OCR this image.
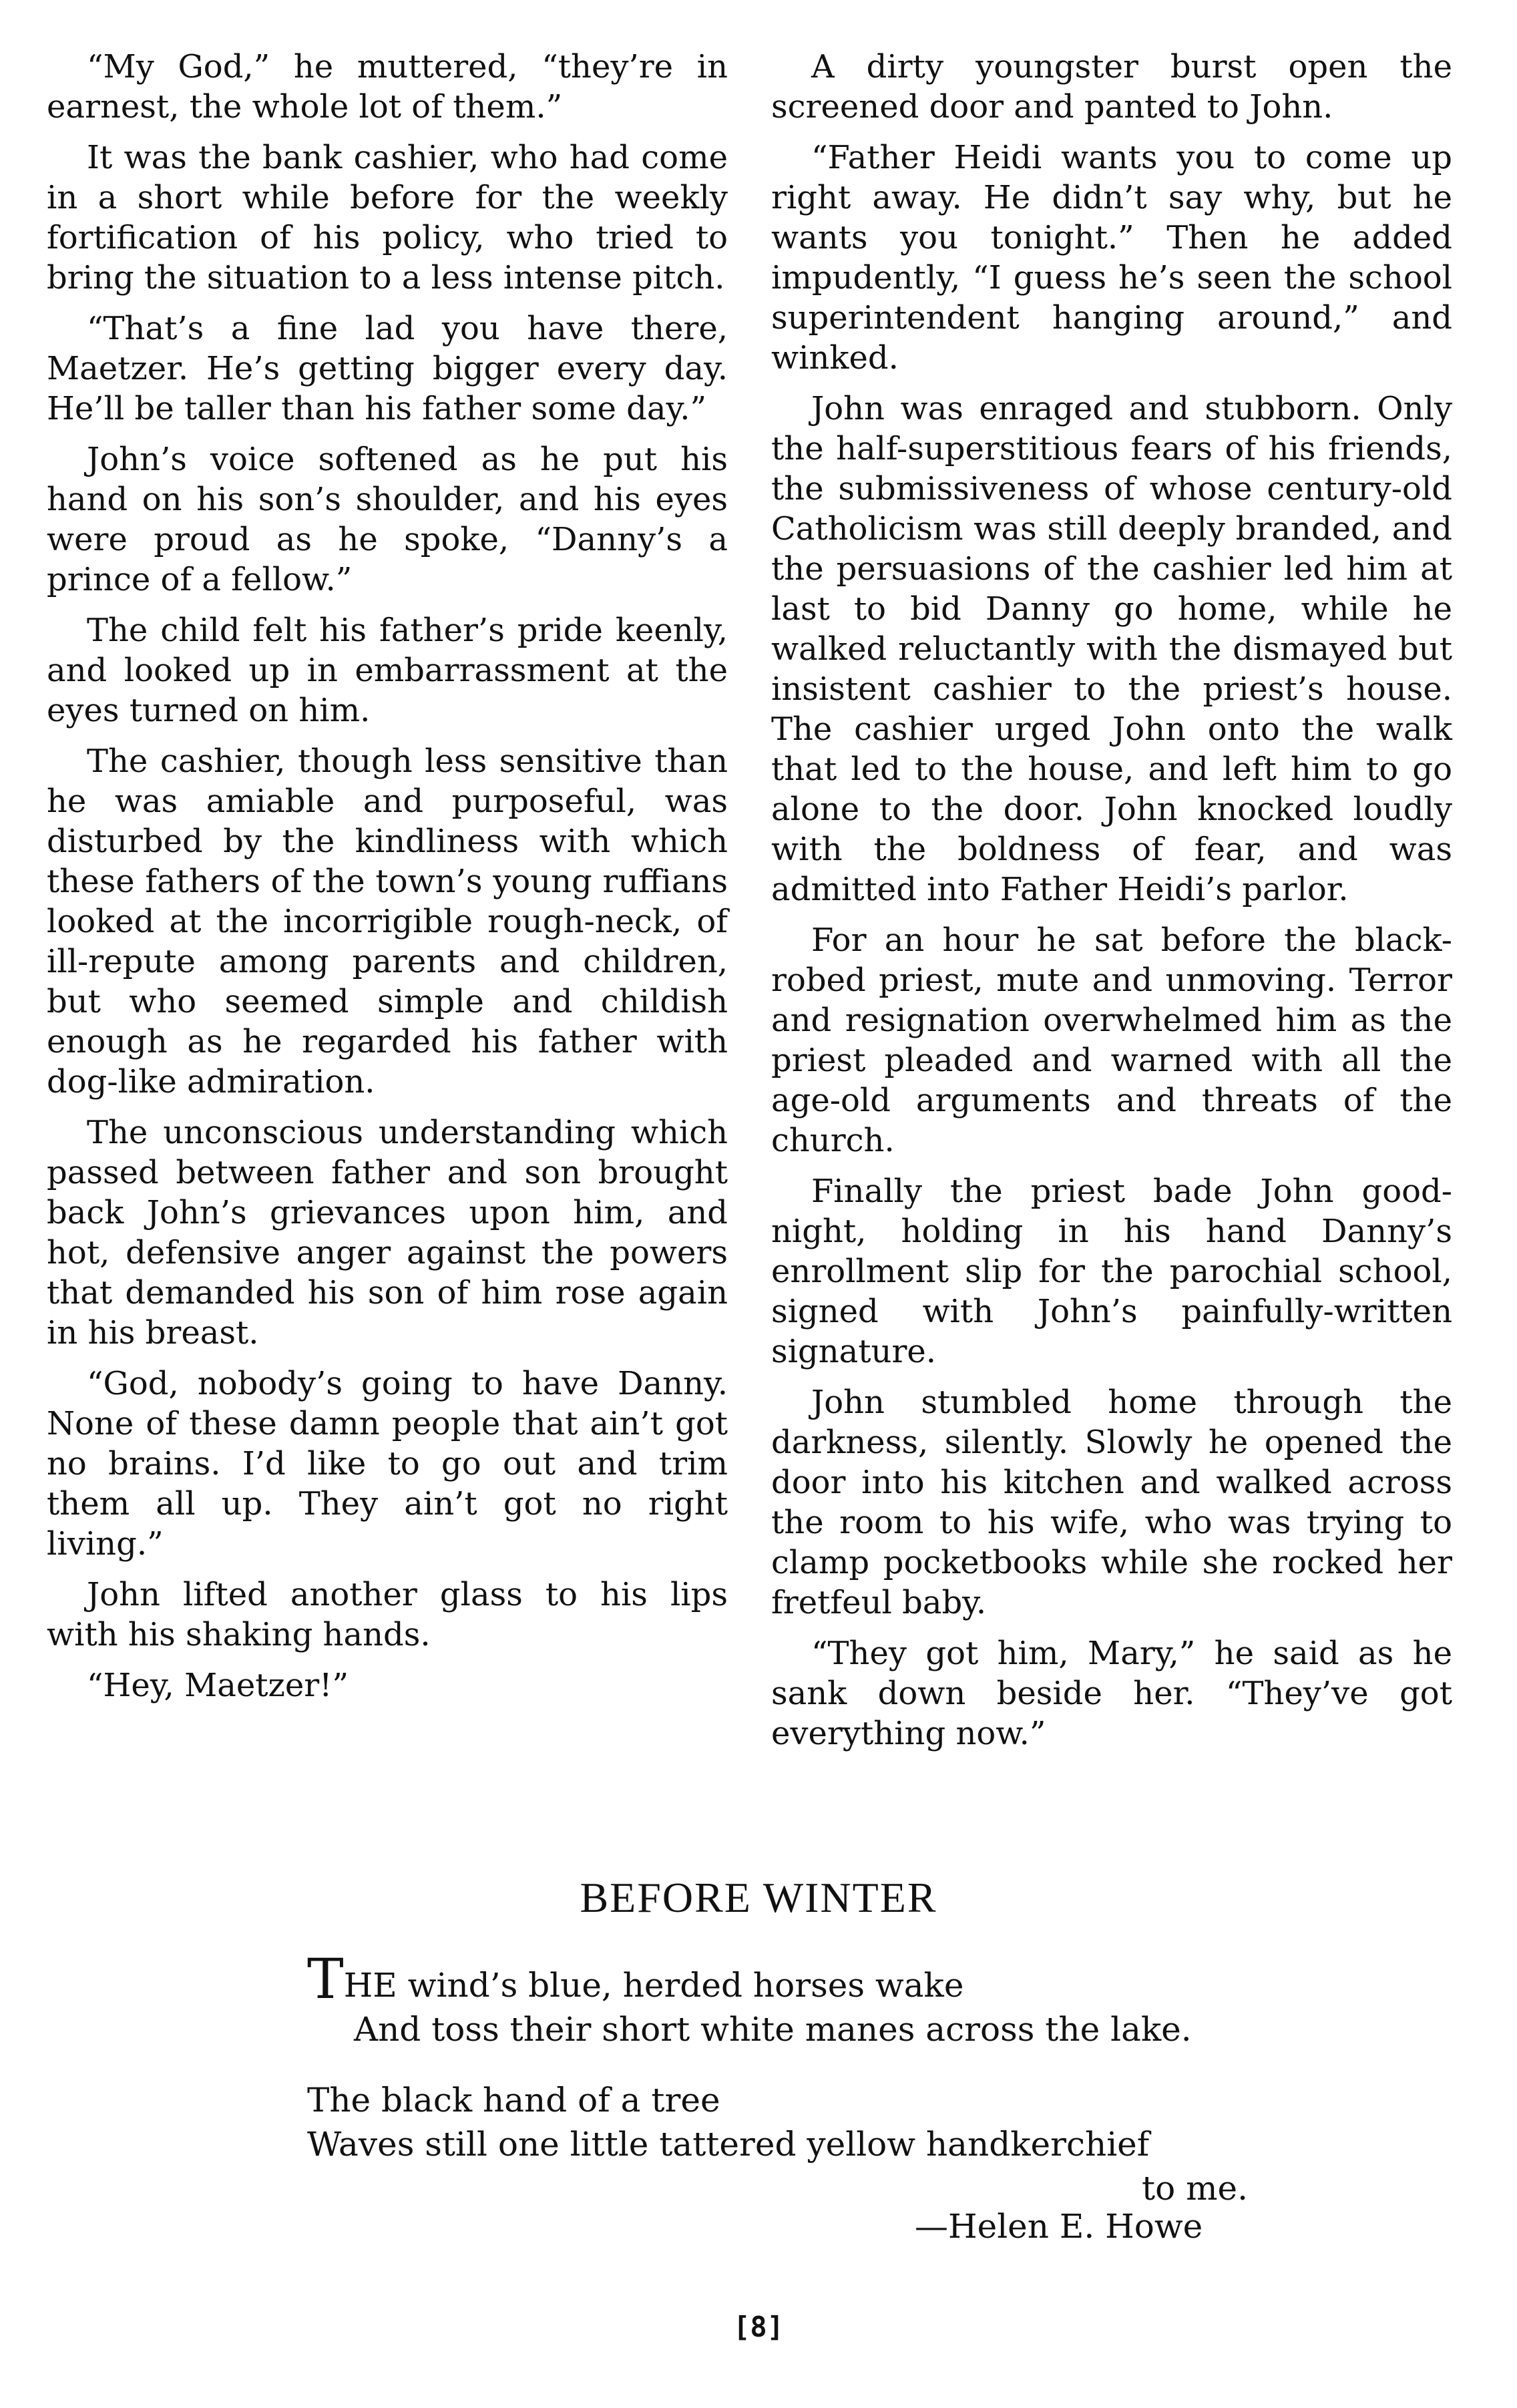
“My God,” he muttered, “they’re in earnest, the whole lot of them.”

It was the bank cashier, who had come in a short while before for the weekly fortification of his policy, who tried to bring the situation to a less intense pitch.

“That’s a fine lad you have there, Maetzer. He’s getting bigger every day. He’ll be taller than his father some day.”

John’s voice softened as he put his hand on his son’s shoulder, and his eyes were proud as he spoke, “Danny’s a prince of a fellow.”

The child felt his father’s pride keenly, and looked up in embarrassment at the eyes turned on him.

The cashier, though less sensitive than he was amiable and purposeful, was disturbed by the kindliness with which these fathers of the town’s young ruffians looked at the incorrigible rough-neck, of ill-repute among parents and children, but who seemed simple and childish enough as he regarded his father with dog-like admiration.

The unconscious understanding which passed between father and son brought back John’s grievances upon him, and hot, defensive anger against the powers that demanded his son of him rose again in his breast.

“God, nobody’s going to have Danny. None of these damn people that ain’t got no brains. I’d like to go out and trim them all up. They ain’t got no right living.”

John lifted another glass to his lips with his shaking hands.

“Hey, Maetzer!”

A dirty youngster burst open the screened door and panted to John.

“Father Heidi wants you to come up right away. He didn’t say why, but he wants you tonight.” Then he added impudently, “I guess he’s seen the school superintendent hanging around,” and winked.

John was enraged and stubborn. Only the half-superstitious fears of his friends, the submissiveness of whose century-old Catholicism was still deeply branded, and the persuasions of the cashier led him at last to bid Danny go home, while he walked reluctantly with the dismayed but insistent cashier to the priest’s house. The cashier urged John onto the walk that led to the house, and left him to go alone to the door. John knocked loudly with the boldness of fear, and was admitted into Father Heidi’s parlor.

For an hour he sat before the black-robed priest, mute and unmoving. Terror and resignation overwhelmed him as the priest pleaded and warned with all the age-old arguments and threats of the church.

Finally the priest bade John good-night, holding in his hand Danny’s enrollment slip for the parochial school, signed with John’s painfully-written signature.

John stumbled home through the darkness, silently. Slowly he opened the door into his kitchen and walked across the room to his wife, who was trying to clamp pocketbooks while she rocked her fretfeul baby.

“They got him, Mary,” he said as he sank down beside her. “They’ve got everything now.”

BEFORE WINTER
THE wind’s blue, herded horses wake
And toss their short white manes across the lake.
The black hand of a tree
Waves still one little tattered yellow handkerchief
to me.
—Helen E. Howe
[8]
